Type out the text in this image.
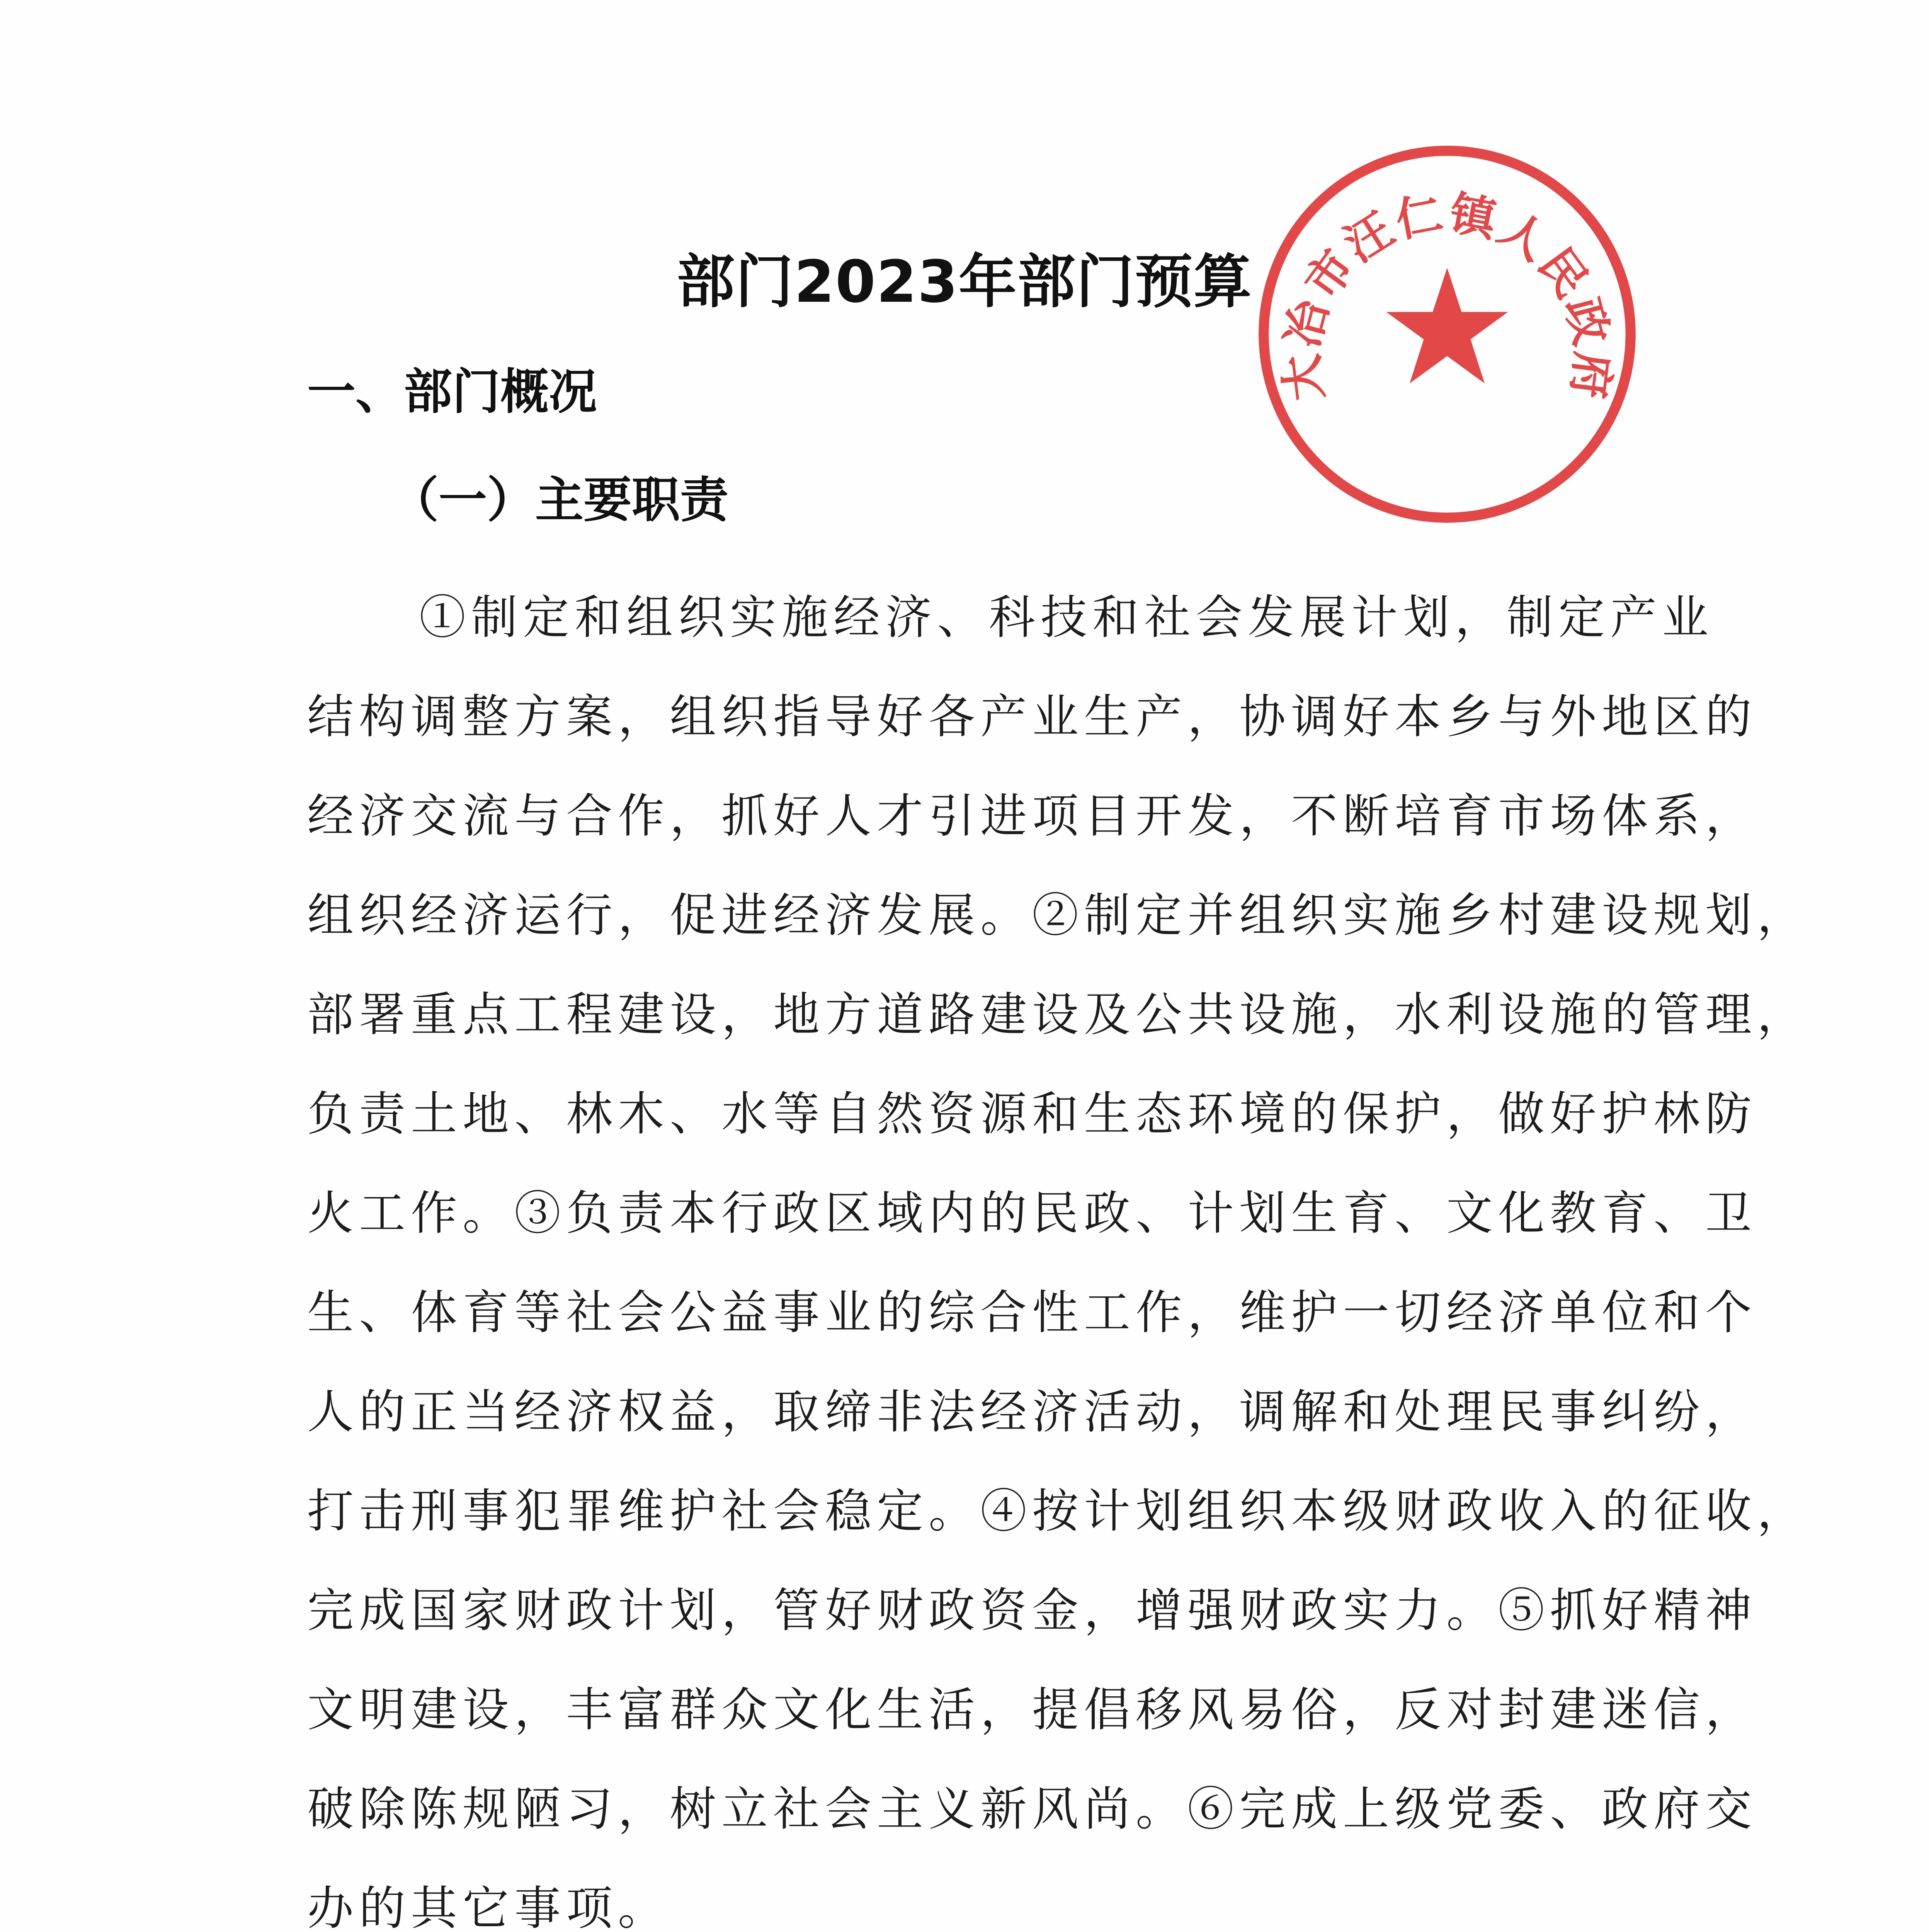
部门2023年部门预算
一、部门概况
（一）主要职责
①制定和组织实施经济、科技和社会发展计划，制定产业
结构调整方案，组织指导好各产业生产，协调好本乡与外地区的
经济交流与合作，抓好人才引进项目开发，不断培育市场体系，
组织经济运行，促进经济发展。②制定并组织实施乡村建设规划，
部署重点工程建设，地方道路建设及公共设施，水利设施的管理，
负责土地、林木、水等自然资源和生态环境的保护，做好护林防
火工作。③负责本行政区域内的民政、计划生育、文化教育、卫
生、体育等社会公益事业的综合性工作，维护一切经济单位和个
人的正当经济权益，取缔非法经济活动，调解和处理民事纠纷，
打击刑事犯罪维护社会稳定。④按计划组织本级财政收入的征收，
完成国家财政计划，管好财政资金，增强财政实力。⑤抓好精神
文明建设，丰富群众文化生活，提倡移风易俗，反对封建迷信，
破除陈规陋习，树立社会主义新风尚。⑥完成上级党委、政府交
办的其它事项。
大冶市汪仁镇人民政府
